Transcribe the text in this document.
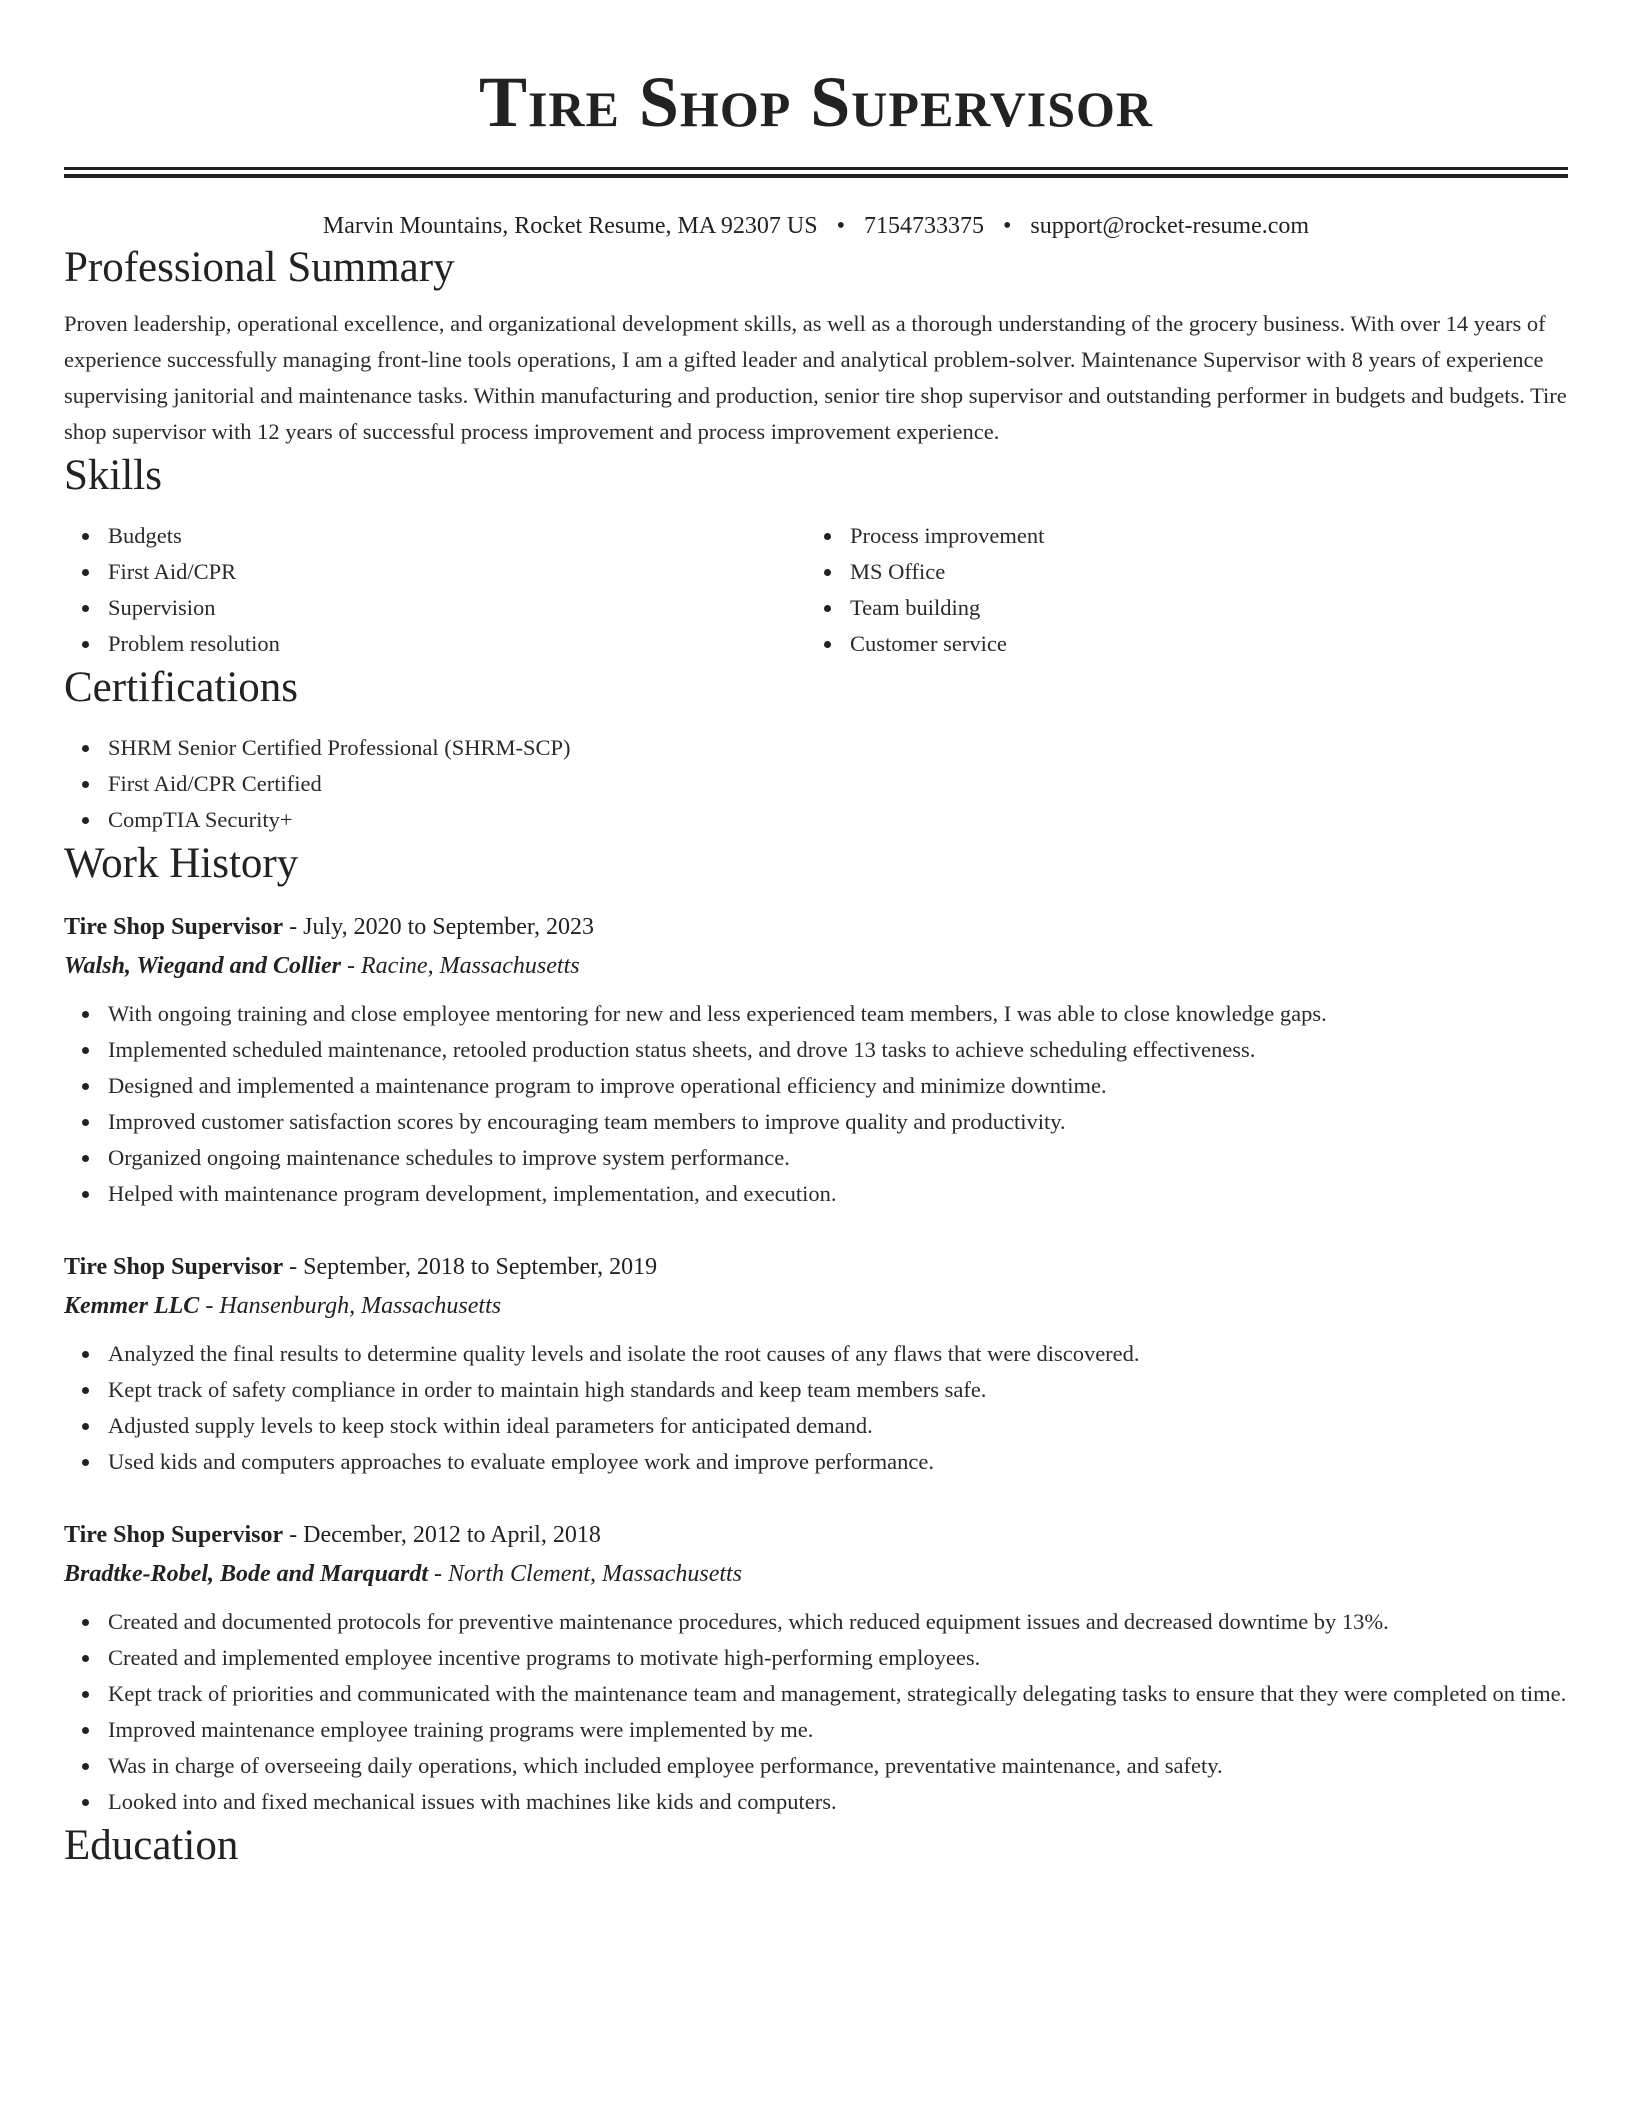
Tire Shop Supervisor
Marvin Mountains, Rocket Resume, MA 92307 US • 7154733375 • support@rocket-resume.com
Professional Summary

Proven leadership, operational excellence, and organizational development skills, as well as a thorough understanding of the grocery business. With over 14 years of experience successfully managing front-line tools operations, I am a gifted leader and analytical problem-solver. Maintenance Supervisor with 8 years of experience supervising janitorial and maintenance tasks. Within manufacturing and production, senior tire shop supervisor and outstanding performer in budgets and budgets. Tire shop supervisor with 12 years of successful process improvement and process improvement experience.

Skills
Budgets
First Aid/CPR
Supervision
Problem resolution
Process improvement
MS Office
Team building
Customer service
Certifications
SHRM Senior Certified Professional (SHRM-SCP)
First Aid/CPR Certified
CompTIA Security+
Work History
Tire Shop Supervisor - July, 2020 to September, 2023
Walsh, Wiegand and Collier - Racine, Massachusetts
With ongoing training and close employee mentoring for new and less experienced team members, I was able to close knowledge gaps.
Implemented scheduled maintenance, retooled production status sheets, and drove 13 tasks to achieve scheduling effectiveness.
Designed and implemented a maintenance program to improve operational efficiency and minimize downtime.
Improved customer satisfaction scores by encouraging team members to improve quality and productivity.
Organized ongoing maintenance schedules to improve system performance.
Helped with maintenance program development, implementation, and execution.
Tire Shop Supervisor - September, 2018 to September, 2019
Kemmer LLC - Hansenburgh, Massachusetts
Analyzed the final results to determine quality levels and isolate the root causes of any flaws that were discovered.
Kept track of safety compliance in order to maintain high standards and keep team members safe.
Adjusted supply levels to keep stock within ideal parameters for anticipated demand.
Used kids and computers approaches to evaluate employee work and improve performance.
Tire Shop Supervisor - December, 2012 to April, 2018
Bradtke-Robel, Bode and Marquardt - North Clement, Massachusetts
Created and documented protocols for preventive maintenance procedures, which reduced equipment issues and decreased downtime by 13%.
Created and implemented employee incentive programs to motivate high-performing employees.
Kept track of priorities and communicated with the maintenance team and management, strategically delegating tasks to ensure that they were completed on time.
Improved maintenance employee training programs were implemented by me.
Was in charge of overseeing daily operations, which included employee performance, preventative maintenance, and safety.
Looked into and fixed mechanical issues with machines like kids and computers.
Education
